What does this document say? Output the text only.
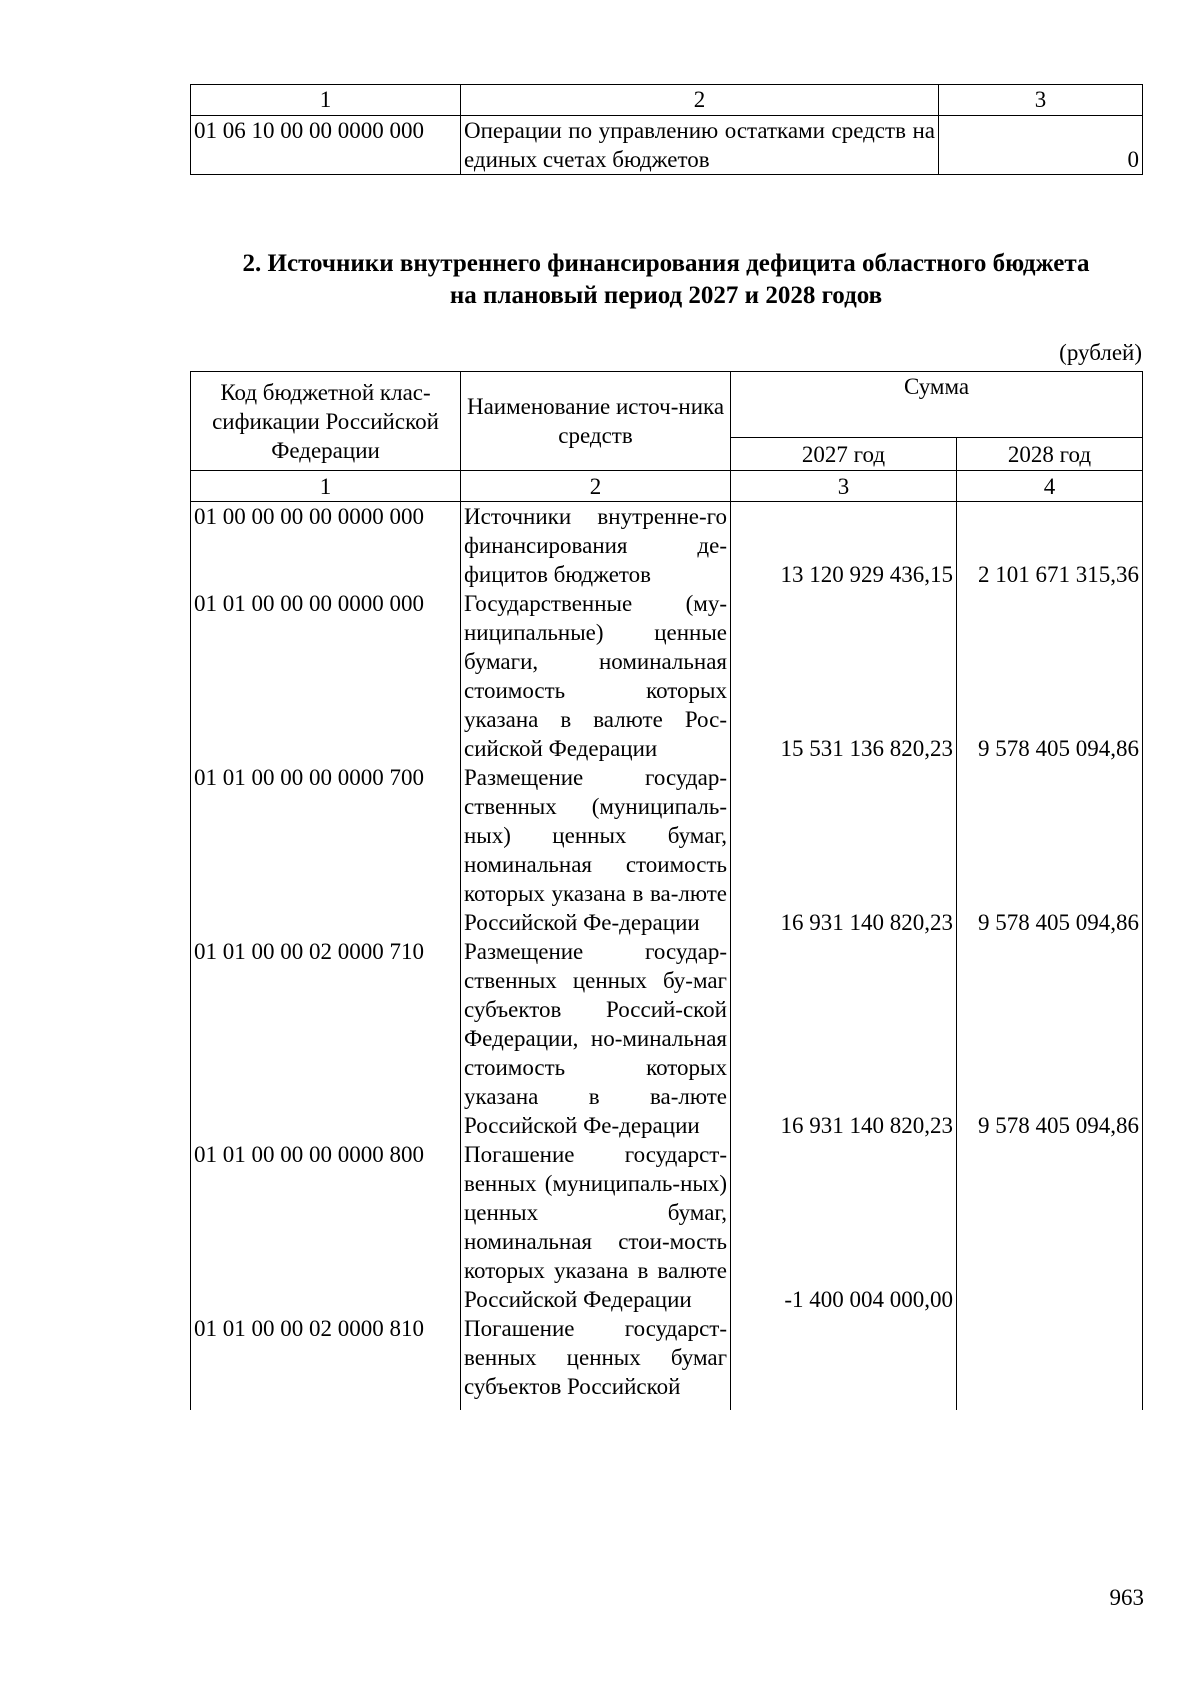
1	2	3
01 06 10 00 00 0000 000	Операции по управлению остатками средств на единых счетах бюджетов	0
2. Источники внутреннего финансирования дефицита областного бюджета
на плановый период 2027 и 2028 годов
(рублей)
Код бюджетной клас-сификации Российской Федерации	Наименование источ-ника средств	Сумма	
		2027 год	2028 год
1	2	3	4
01 00 00 00 00 0000 000	Источники внутренне-го финансирования де-фицитов бюджетов	13 120 929 436,15	2 101 671 315,36
01 01 00 00 00 0000 000	Государственные (му-ниципальные) ценные бумаги, номинальная стоимость которых указана в валюте Рос-сийской Федерации	15 531 136 820,23	9 578 405 094,86
01 01 00 00 00 0000 700	Размещение государ-ственных (муниципаль-ных) ценных бумаг, номинальная стоимость которых указана в ва-люте Российской Фе-дерации	16 931 140 820,23	9 578 405 094,86
01 01 00 00 02 0000 710	Размещение государ-ственных ценных бу-маг субъектов Россий-ской Федерации, но-минальная стоимость которых указана в ва-люте Российской Фе-дерации	16 931 140 820,23	9 578 405 094,86
01 01 00 00 00 0000 800	Погашение государст-венных (муниципаль-ных) ценных бумаг, номинальная стои-мость которых указана в валюте Российской Федерации	-1 400 004 000,00	
01 01 00 00 02 0000 810	Погашение государст-венных ценных бумаг субъектов Российской		
963
